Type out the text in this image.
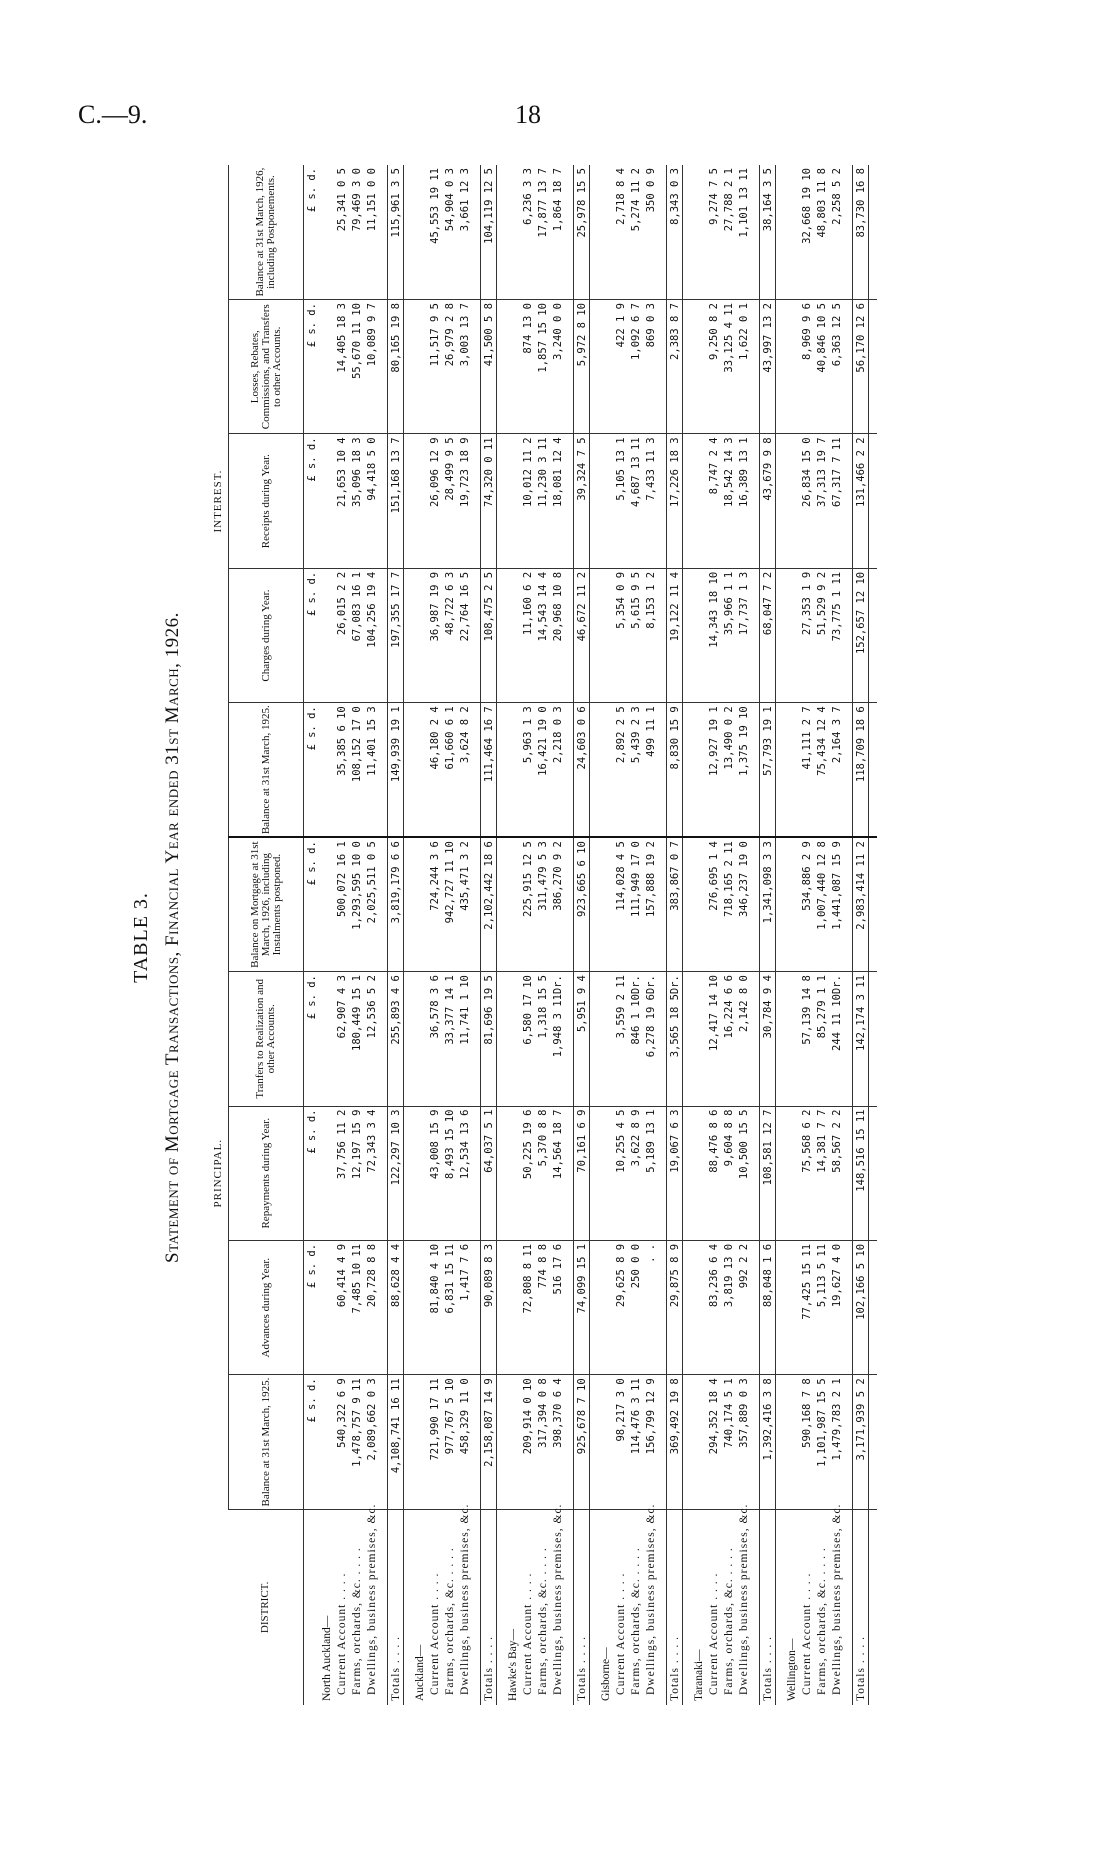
C.—9.	18
TABLE 3. Statement of Mortgage Transactions, Financial Year ended 31st March, 1926.
		PRINCIPAL.					INTEREST.				
DISTRICT.	Balance at 31st March, 1925.	Advances during Year.	Repayments during Year.	Tranfers to Realization and other Accounts.	Balance on Mortgage at 31st March, 1926, including Instalments postponed.	Balance at 31st March, 1925.	Charges during Year.	Receipts during Year.	Losses, Rebates, Commissions, and Transfers to other Accounts.	Balance at 31st March, 1926, including Postponements.
	£ s. d.	£ s. d.	£ s. d.	£ s. d.	£ s. d.	£ s. d.	£ s. d.	£ s. d.	£ s. d.	£ s. d.
North Auckland—										
Current Account . . . .	540,322 6 9	60,414 4 9	37,756 11 2	62,907 4 3	500,072 16 1	35,385 6 10	26,015 2 2	21,653 10 4	14,405 18 3	25,341 0 5
Farms, orchards, &c. . . . .	1,478,757 9 11	7,485 10 11	12,197 15 9	180,449 15 1	1,293,595 10 0	108,152 17 0	67,083 16 1	35,096 18 3	55,670 11 10	79,469 3 0
Dwellings, business premises, &c.	2,089,662 0 3	20,728 8 8	72,343 3 4	12,536 5 2	2,025,511 0 5	11,401 15 3	104,256 19 4	94,418 5 0	10,089 9 7	11,151 0 0

Totals . . . .	4,108,741 16 11	88,628 4 4	122,297 10 3	255,893 4 6	3,819,179 6 6	149,939 19 1	197,355 17 7	151,168 13 7	80,165 19 8	115,961 3 5

Auckland—										
Current Account . . . .	721,990 17 11	81,840 4 10	43,008 15 9	36,578 3 6	724,244 3 6	46,180 2 4	36,987 19 9	26,096 12 9	11,517 9 5	45,553 19 11
Farms, orchards, &c. . . . .	977,767 5 10	6,831 15 11	8,493 15 10	33,377 14 1	942,727 11 10	61,660 6 1	48,722 6 3	28,499 9 5	26,979 2 8	54,904 0 3
Dwellings, business premises, &c.	458,329 11 0	1,417 7 6	12,534 13 6	11,741 1 10	435,471 3 2	3,624 8 2	22,764 16 5	19,723 18 9	3,003 13 7	3,661 12 3

Totals . . . .	2,158,087 14 9	90,089 8 3	64,037 5 1	81,696 19 5	2,102,442 18 6	111,464 16 7	108,475 2 5	74,320 0 11	41,500 5 8	104,119 12 5

Hawke's Bay—										
Current Account . . . .	209,914 0 10	72,808 8 11	50,225 19 6	6,580 17 10	225,915 12 5	5,963 1 3	11,160 6 2	10,012 11 2	874 13 0	6,236 3 3
Farms, orchards, &c. . . . .	317,394 0 8	774 8 8	5,370 8 8	1,318 15 5	311,479 5 3	16,421 19 0	14,543 14 4	11,230 3 11	1,857 15 10	17,877 13 7
Dwellings, business premises, &c.	398,370 6 4	516 17 6	14,564 18 7	1,948 3 11Dr.	386,270 9 2	2,218 0 3	20,968 10 8	18,081 12 4	3,240 0 0	1,864 18 7

Totals . . . .	925,678 7 10	74,099 15 1	70,161 6 9	5,951 9 4	923,665 6 10	24,603 0 6	46,672 11 2	39,324 7 5	5,972 8 10	25,978 15 5

Gisborne—										
Current Account . . . .	98,217 3 0	29,625 8 9	10,255 4 5	3,559 2 11	114,028 4 5	2,892 2 5	5,354 0 9	5,105 13 1	422 1 9	2,718 8 4
Farms, orchards, &c. . . . .	114,476 3 11	250 0 0	3,622 8 9	846 1 10Dr.	111,949 17 0	5,439 2 3	5,615 9 5	4,687 13 11	1,092 6 7	5,274 11 2
Dwellings, business premises, &c.	156,799 12 9	. .	5,189 13 1	6,278 19 6Dr.	157,888 19 2	499 11 1	8,153 1 2	7,433 11 3	869 0 3	350 0 9

Totals . . . .	369,492 19 8	29,875 8 9	19,067 6 3	3,565 18 5Dr.	383,867 0 7	8,830 15 9	19,122 11 4	17,226 18 3	2,383 8 7	8,343 0 3

Taranaki—										
Current Account . . . .	294,352 18 4	83,236 6 4	88,476 8 6	12,417 14 10	276,695 1 4	12,927 19 1	14,343 18 10	8,747 2 4	9,250 8 2	9,274 7 5
Farms, orchards, &c. . . . .	740,174 5 1	3,819 13 0	9,604 8 8	16,224 6 6	718,165 2 11	13,490 0 2	35,966 1 1	18,542 14 3	33,125 4 11	27,788 2 1
Dwellings, business premises, &c.	357,889 0 3	992 2 2	10,500 15 5	2,142 8 0	346,237 19 0	1,375 19 10	17,737 1 3	16,389 13 1	1,622 0 1	1,101 13 11

Totals . . . .	1,392,416 3 8	88,048 1 6	108,581 12 7	30,784 9 4	1,341,098 3 3	57,793 19 1	68,047 7 2	43,679 9 8	43,997 13 2	38,164 3 5

Wellington—										
Current Account . . . .	590,168 7 8	77,425 15 11	75,568 6 2	57,139 14 8	534,886 2 9	41,111 2 7	27,353 1 9	26,834 15 0	8,969 9 6	32,668 19 10
Farms, orchards, &c. . . . .	1,101,987 15 5	5,113 5 11	14,381 7 7	85,279 1 1	1,007,440 12 8	75,434 12 4	51,529 9 2	37,313 19 7	40,846 10 5	48,803 11 8
Dwellings, business premises, &c.	1,479,783 2 1	19,627 4 0	58,567 2 2	244 11 10Dr.	1,441,087 15 9	2,164 3 7	73,775 1 11	67,317 7 11	6,363 12 5	2,258 5 2

Totals . . . .	3,171,939 5 2	102,166 5 10	148,516 15 11	142,174 3 11	2,983,414 11 2	118,709 18 6	152,657 12 10	131,466 2 2	56,170 12 6	83,730 16 8
